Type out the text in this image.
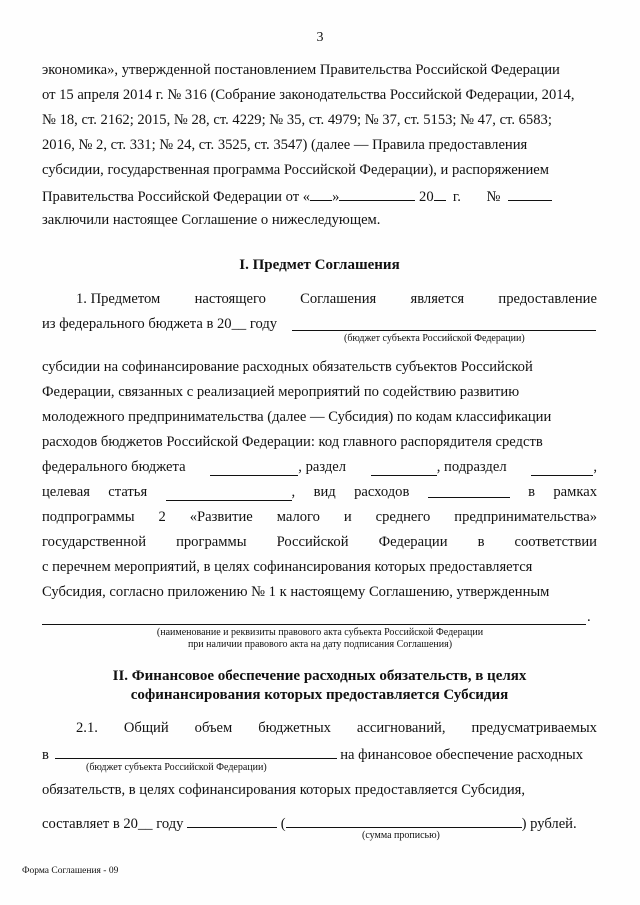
3
экономика», утвержденной постановлением Правительства Российской Федерации
от 15 апреля 2014 г. № 316 (Собрание законодательства Российской Федерации, 2014,
№ 18, ст. 2162; 2015, № 28, ст. 4229; № 35, ст. 4979; № 37, ст. 5153; № 47, ст. 6583;
2016, № 2, ст. 331; № 24, ст. 3525, ст. 3547) (далее — Правила предоставления
субсидии, государственная программа Российской Федерации), и распоряжением
Правительства Российской Федерации от « »	20 г. №
заключили настоящее Соглашение о нижеследующем.
I. Предмет Соглашения
1. Предметом настоящего Соглашения является предоставление
из федерального бюджета в 20__ году
(бюджет субъекта Российской Федерации)
субсидии на софинансирование расходных обязательств субъектов Российской
Федерации, связанных с реализацией мероприятий по содействию развитию
молодежного предпринимательства (далее — Субсидия) по кодам классификации
расходов бюджетов Российской Федерации: код главного распорядителя средств
федерального бюджета	, раздел	, подраздел	,
целевая статья	, вид расходов	в рамках
подпрограммы 2 «Развитие малого и среднего предпринимательства»
государственной программы Российской Федерации в соответствии
с перечнем мероприятий, в целях софинансирования которых предоставляется
Субсидия, согласно приложению № 1 к настоящему Соглашению, утвержденным
.
(наименование и реквизиты правового акта субъекта Российской Федерации
при наличии правового акта на дату подписания Соглашения)
II. Финансовое обеспечение расходных обязательств, в целях
софинансирования которых предоставляется Субсидия
2.1. Общий объем бюджетных ассигнований, предусматриваемых
в	на финансовое обеспечение расходных
(бюджет субъекта Российской Федерации)
обязательств, в целях софинансирования которых предоставляется Субсидия,
составляет в 20__ году	(	) рублей.
(сумма прописью)
Форма Соглашения - 09
